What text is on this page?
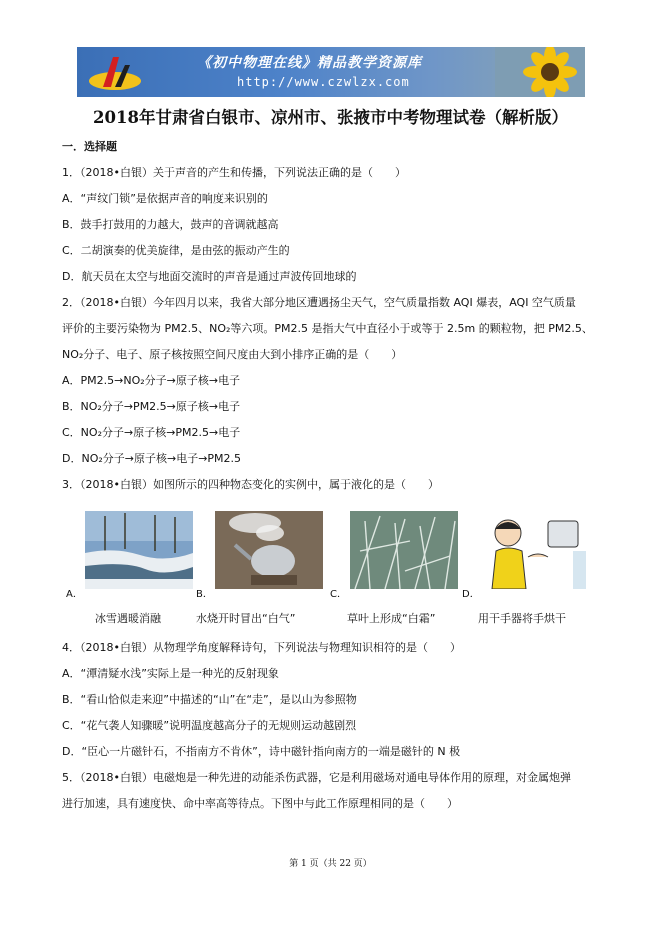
《初中物理在线》精品教学资源库
http://www.czwlzx.com
2018年甘肃省白银市、凉州市、张掖市中考物理试卷（解析版）
一．选择题
1．（2018•白银）关于声音的产生和传播，下列说法正确的是（　　）
A．“声纹门锁”是依据声音的响度来识别的
B．鼓手打鼓用的力越大，鼓声的音调就越高
C．二胡演奏的优美旋律，是由弦的振动产生的
D．航天员在太空与地面交流时的声音是通过声波传回地球的
2．（2018•白银）今年四月以来，我省大部分地区遭遇扬尘天气，空气质量指数 AQI 爆表，AQI 空气质量
评价的主要污染物为 PM2.5、NO₂等六项。PM2.5 是指大气中直径小于或等于 2.5m 的颗粒物，把 PM2.5、
NO₂分子、电子、原子核按照空间尺度由大到小排序正确的是（　　）
A．PM2.5→NO₂分子→原子核→电子
B．NO₂分子→PM2.5→原子核→电子
C．NO₂分子→原子核→PM2.5→电子
D．NO₂分子→原子核→电子→PM2.5
3．（2018•白银）如图所示的四种物态变化的实例中，属于液化的是（　　）
A．	B．	C．	D．
冰雪遇暖消融	水烧开时冒出“白气”	草叶上形成“白霜”	用干手器将手烘干
4．（2018•白银）从物理学角度解释诗句，下列说法与物理知识相符的是（　　）
A．“潭清疑水浅”实际上是一种光的反射现象
B．“看山恰似走来迎”中描述的“山”在“走”，是以山为参照物
C．“花气袭人知骤暖”说明温度越高分子的无规则运动越剧烈
D．“臣心一片磁针石，不指南方不肯休”，诗中磁针指向南方的一端是磁针的 N 极
5．（2018•白银）电磁炮是一种先进的动能杀伤武器，它是利用磁场对通电导体作用的原理，对金属炮弹
进行加速，具有速度快、命中率高等待点。下图中与此工作原理相同的是（　　）
第 1 页（共 22 页）
